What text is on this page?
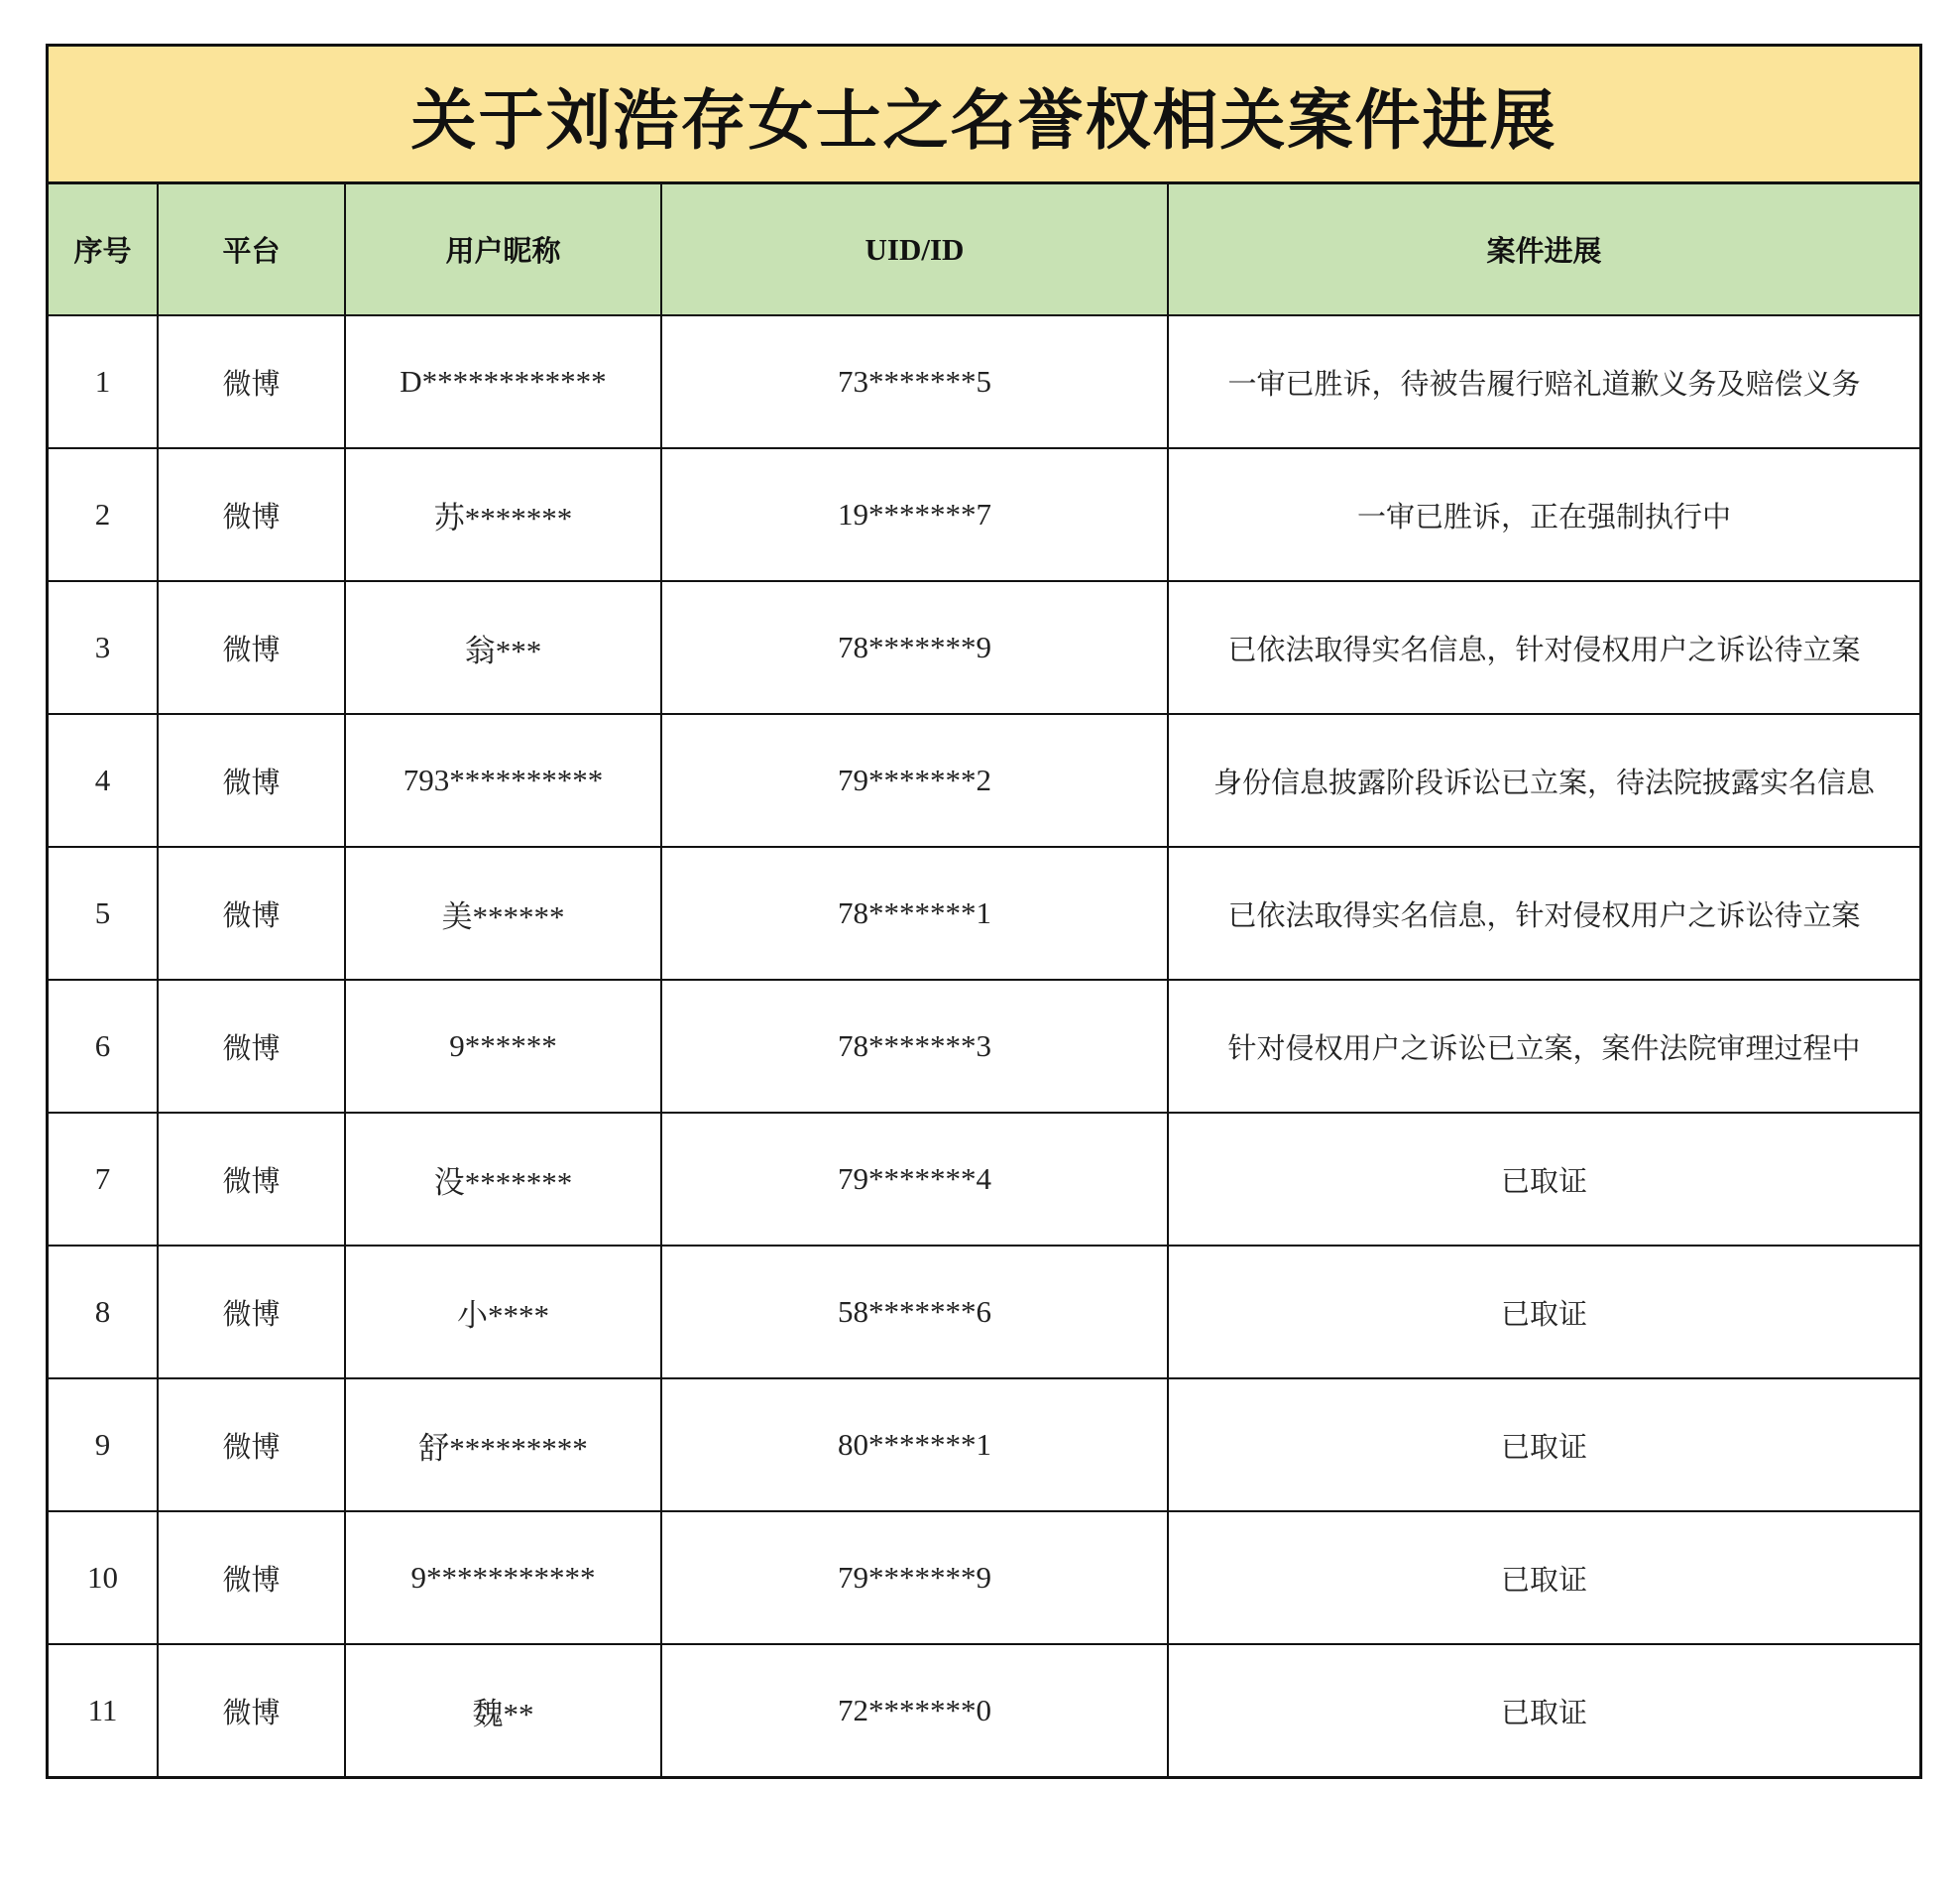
关于刘浩存女士之名誉权相关案件进展
序号	平台	用户昵称	UID/ID	案件进展
1	微博	D************	73*******5	一审已胜诉，待被告履行赔礼道歉义务及赔偿义务
2	微博	苏*******	19*******7	一审已胜诉，正在强制执行中
3	微博	翁***	78*******9	已依法取得实名信息，针对侵权用户之诉讼待立案
4	微博	793**********	79*******2	身份信息披露阶段诉讼已立案，待法院披露实名信息
5	微博	美******	78*******1	已依法取得实名信息，针对侵权用户之诉讼待立案
6	微博	9******	78*******3	针对侵权用户之诉讼已立案，案件法院审理过程中
7	微博	没*******	79*******4	已取证
8	微博	小****	58*******6	已取证
9	微博	舒*********	80*******1	已取证
10	微博	9***********	79*******9	已取证
11	微博	魏**	72*******0	已取证
